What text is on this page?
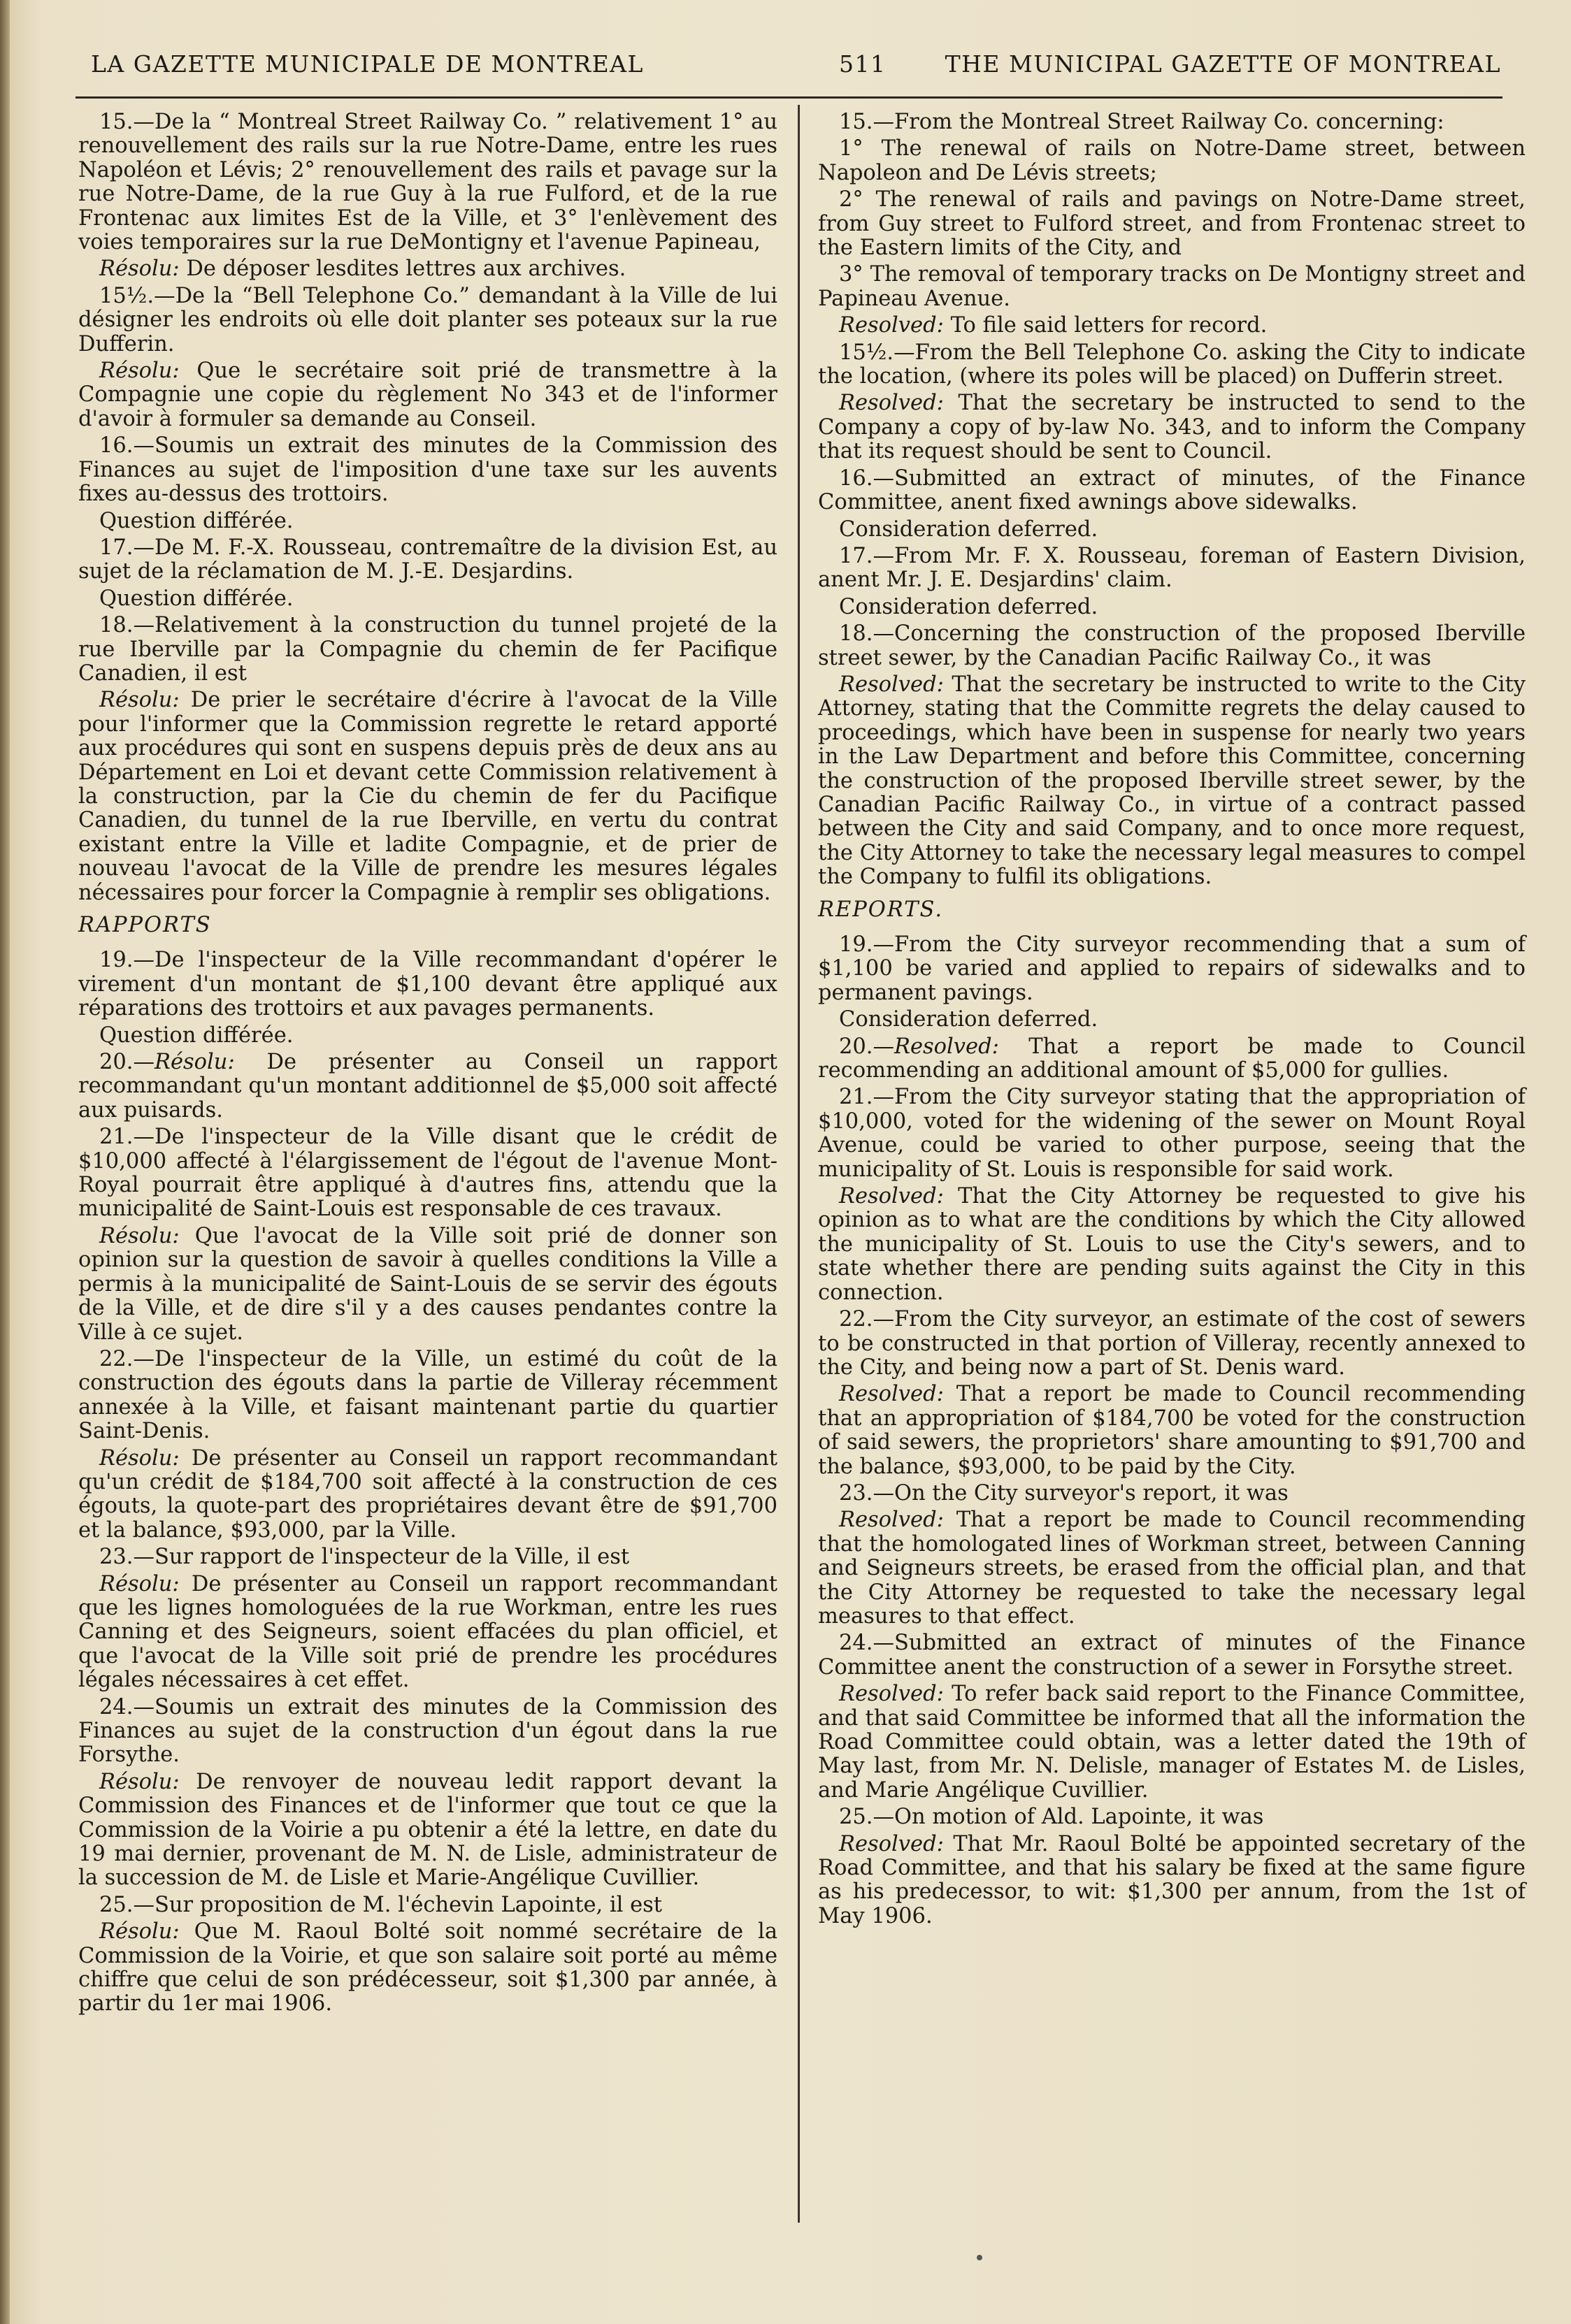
LA GAZETTE MUNICIPALE DE MONTREAL	511	THE MUNICIPAL GAZETTE OF MONTREAL

15.—De la “ Montreal Street Railway Co. ” relativement 1° au renouvellement des rails sur la rue Notre-Dame, entre les rues Napoléon et Lévis; 2° renouvellement des rails et pavage sur la rue Notre-Dame, de la rue Guy à la rue Fulford, et de la rue Frontenac aux limites Est de la Ville, et 3° l'enlèvement des voies temporaires sur la rue DeMontigny et l'avenue Papineau,

Résolu: De déposer lesdites lettres aux archives.

15½.—De la “Bell Telephone Co.” demandant à la Ville de lui désigner les endroits où elle doit planter ses poteaux sur la rue Dufferin.

Résolu: Que le secrétaire soit prié de transmettre à la Compagnie une copie du règlement No 343 et de l'informer d'avoir à formuler sa demande au Conseil.

16.—Soumis un extrait des minutes de la Commission des Finances au sujet de l'imposition d'une taxe sur les auvents fixes au-dessus des trottoirs.

Question différée.

17.—De M. F.-X. Rousseau, contremaître de la division Est, au sujet de la réclamation de M. J.-E. Desjardins.

Question différée.

18.—Relativement à la construction du tunnel projeté de la rue Iberville par la Compagnie du chemin de fer Pacifique Canadien, il est

Résolu: De prier le secrétaire d'écrire à l'avocat de la Ville pour l'informer que la Commission regrette le retard apporté aux procédures qui sont en suspens depuis près de deux ans au Département en Loi et devant cette Commission relativement à la construction, par la Cie du chemin de fer du Pacifique Canadien, du tunnel de la rue Iberville, en vertu du contrat existant entre la Ville et ladite Compagnie, et de prier de nouveau l'avocat de la Ville de prendre les mesures légales nécessaires pour forcer la Compagnie à remplir ses obligations.

RAPPORTS

19.—De l'inspecteur de la Ville recommandant d'opérer le virement d'un montant de $1,100 devant être appliqué aux réparations des trottoirs et aux pavages permanents.

Question différée.

20.—Résolu: De présenter au Conseil un rapport recommandant qu'un montant additionnel de $5,000 soit affecté aux puisards.

21.—De l'inspecteur de la Ville disant que le crédit de $10,000 affecté à l'élargissement de l'égout de l'avenue Mont-Royal pourrait être appliqué à d'autres fins, attendu que la municipalité de Saint-Louis est responsable de ces travaux.

Résolu: Que l'avocat de la Ville soit prié de donner son opinion sur la question de savoir à quelles conditions la Ville a permis à la municipalité de Saint-Louis de se servir des égouts de la Ville, et de dire s'il y a des causes pendantes contre la Ville à ce sujet.

22.—De l'inspecteur de la Ville, un estimé du coût de la construction des égouts dans la partie de Villeray récemment annexée à la Ville, et faisant maintenant partie du quartier Saint-Denis.

Résolu: De présenter au Conseil un rapport recommandant qu'un crédit de $184,700 soit affecté à la construction de ces égouts, la quote-part des propriétaires devant être de $91,700 et la balance, $93,000, par la Ville.

23.—Sur rapport de l'inspecteur de la Ville, il est

Résolu: De présenter au Conseil un rapport recommandant que les lignes homologuées de la rue Workman, entre les rues Canning et des Seigneurs, soient effacées du plan officiel, et que l'avocat de la Ville soit prié de prendre les procédures légales nécessaires à cet effet.

24.—Soumis un extrait des minutes de la Commission des Finances au sujet de la construction d'un égout dans la rue Forsythe.

Résolu: De renvoyer de nouveau ledit rapport devant la Commission des Finances et de l'informer que tout ce que la Commission de la Voirie a pu obtenir a été la lettre, en date du 19 mai dernier, provenant de M. N. de Lisle, administrateur de la succession de M. de Lisle et Marie-Angélique Cuvillier.

25.—Sur proposition de M. l'échevin Lapointe, il est

Résolu: Que M. Raoul Bolté soit nommé secrétaire de la Commission de la Voirie, et que son salaire soit porté au même chiffre que celui de son prédécesseur, soit $1,300 par année, à partir du 1er mai 1906.

15.—From the Montreal Street Railway Co. concerning:

1° The renewal of rails on Notre-Dame street, between Napoleon and De Lévis streets;

2° The renewal of rails and pavings on Notre-Dame street, from Guy street to Fulford street, and from Frontenac street to the Eastern limits of the City, and

3° The removal of temporary tracks on De Montigny street and Papineau Avenue.

Resolved: To file said letters for record.

15½.—From the Bell Telephone Co. asking the City to indicate the location, (where its poles will be placed) on Dufferin street.

Resolved: That the secretary be instructed to send to the Company a copy of by-law No. 343, and to inform the Company that its request should be sent to Council.

16.—Submitted an extract of minutes, of the Finance Committee, anent fixed awnings above sidewalks.

Consideration deferred.

17.—From Mr. F. X. Rousseau, foreman of Eastern Division, anent Mr. J. E. Desjardins' claim.

Consideration deferred.

18.—Concerning the construction of the proposed Iberville street sewer, by the Canadian Pacific Railway Co., it was

Resolved: That the secretary be instructed to write to the City Attorney, stating that the Committe regrets the delay caused to proceedings, which have been in suspense for nearly two years in the Law Department and before this Committee, concerning the construction of the proposed Iberville street sewer, by the Canadian Pacific Railway Co., in virtue of a contract passed between the City and said Company, and to once more request, the City Attorney to take the necessary legal measures to compel the Company to fulfil its obligations.

REPORTS.

19.—From the City surveyor recommending that a sum of $1,100 be varied and applied to repairs of sidewalks and to permanent pavings.

Consideration deferred.

20.—Resolved: That a report be made to Council recommending an additional amount of $5,000 for gullies.

21.—From the City surveyor stating that the appropriation of $10,000, voted for the widening of the sewer on Mount Royal Avenue, could be varied to other purpose, seeing that the municipality of St. Louis is responsible for said work.

Resolved: That the City Attorney be requested to give his opinion as to what are the conditions by which the City allowed the municipality of St. Louis to use the City's sewers, and to state whether there are pending suits against the City in this connection.

22.—From the City surveyor, an estimate of the cost of sewers to be constructed in that portion of Villeray, recently annexed to the City, and being now a part of St. Denis ward.

Resolved: That a report be made to Council recommending that an appropriation of $184,700 be voted for the construction of said sewers, the proprietors' share amounting to $91,700 and the balance, $93,000, to be paid by the City.

23.—On the City surveyor's report, it was

Resolved: That a report be made to Council recommending that the homologated lines of Workman street, between Canning and Seigneurs streets, be erased from the official plan, and that the City Attorney be requested to take the necessary legal measures to that effect.

24.—Submitted an extract of minutes of the Finance Committee anent the construction of a sewer in Forsythe street.

Resolved: To refer back said report to the Finance Committee, and that said Committee be informed that all the information the Road Committee could obtain, was a letter dated the 19th of May last, from Mr. N. Delisle, manager of Estates M. de Lisles, and Marie Angélique Cuvillier.

25.—On motion of Ald. Lapointe, it was

Resolved: That Mr. Raoul Bolté be appointed secretary of the Road Committee, and that his salary be fixed at the same figure as his predecessor, to wit: $1,300 per annum, from the 1st of May 1906.
